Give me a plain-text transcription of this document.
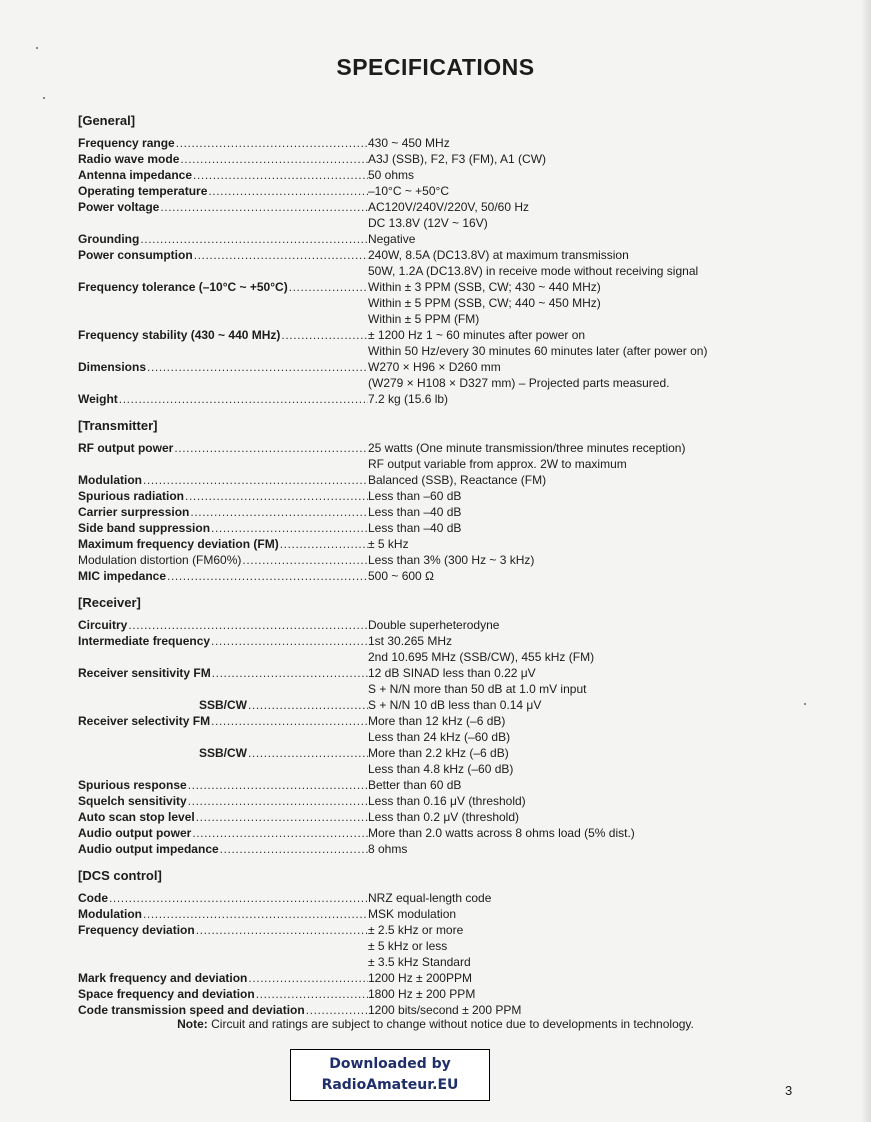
SPECIFICATIONS
[General]
Frequency range .....	430 ~ 450 MHz
Radio wave mode .....	A3J (SSB), F2, F3 (FM), A1 (CW)
Antenna impedance .....	50 ohms
Operating temperature .....	–10°C ~ +50°C
Power voltage .....	AC120V/240V/220V, 50/60 Hz
DC 13.8V (12V ~ 16V)
Grounding .....	Negative
Power consumption .....	240W, 8.5A (DC13.8V) at maximum transmission
50W, 1.2A (DC13.8V) in receive mode without receiving signal
Frequency tolerance (–10°C ~ +50°C) .....	Within ± 3 PPM (SSB, CW; 430 ~ 440 MHz)
Within ± 5 PPM (SSB, CW; 440 ~ 450 MHz)
Within ± 5 PPM (FM)
Frequency stability (430 ~ 440 MHz) .....	± 1200 Hz 1 ~ 60 minutes after power on
Within 50 Hz/every 30 minutes 60 minutes later (after power on)
Dimensions .....	W270 × H96 × D260 mm
(W279 × H108 × D327 mm) – Projected parts measured.
Weight .....	7.2 kg (15.6 lb)
[Transmitter]
RF output power .....	25 watts (One minute transmission/three minutes reception)
RF output variable from approx. 2W to maximum
Modulation .....	Balanced (SSB), Reactance (FM)
Spurious radiation .....	Less than –60 dB
Carrier surpression .....	Less than –40 dB
Side band suppression .....	Less than –40 dB
Maximum frequency deviation (FM) .....	± 5 kHz
Modulation distortion (FM60%) .....	Less than 3% (300 Hz ~ 3 kHz)
MIC impedance .....	500 ~ 600 Ω
[Receiver]
Circuitry .....	Double superheterodyne
Intermediate frequency .....	1st 30.265 MHz
2nd 10.695 MHz (SSB/CW), 455 kHz (FM)
Receiver sensitivity FM .....	12 dB SINAD less than 0.22 μV
S + N/N more than 50 dB at 1.0 mV input
SSB/CW .....	S + N/N 10 dB less than 0.14 μV
Receiver selectivity FM .....	More than 12 kHz (–6 dB)
Less than 24 kHz (–60 dB)
SSB/CW .....	More than 2.2 kHz (–6 dB)
Less than 4.8 kHz (–60 dB)
Spurious response .....	Better than 60 dB
Squelch sensitivity .....	Less than 0.16 μV (threshold)
Auto scan stop level .....	Less than 0.2 μV (threshold)
Audio output power .....	More than 2.0 watts across 8 ohms load (5% dist.)
Audio output impedance .....	8 ohms
[DCS control]
Code .....	NRZ equal-length code
Modulation .....	MSK modulation
Frequency deviation .....	± 2.5 kHz or more
± 5 kHz or less
± 3.5 kHz Standard
Mark frequency and deviation .....	1200 Hz ± 200PPM
Space frequency and deviation .....	1800 Hz ± 200 PPM
Code transmission speed and deviation .....	1200 bits/second ± 200 PPM
Note: Circuit and ratings are subject to change without notice due to developments in technology.
Downloaded by
RadioAmateur.EU	3
